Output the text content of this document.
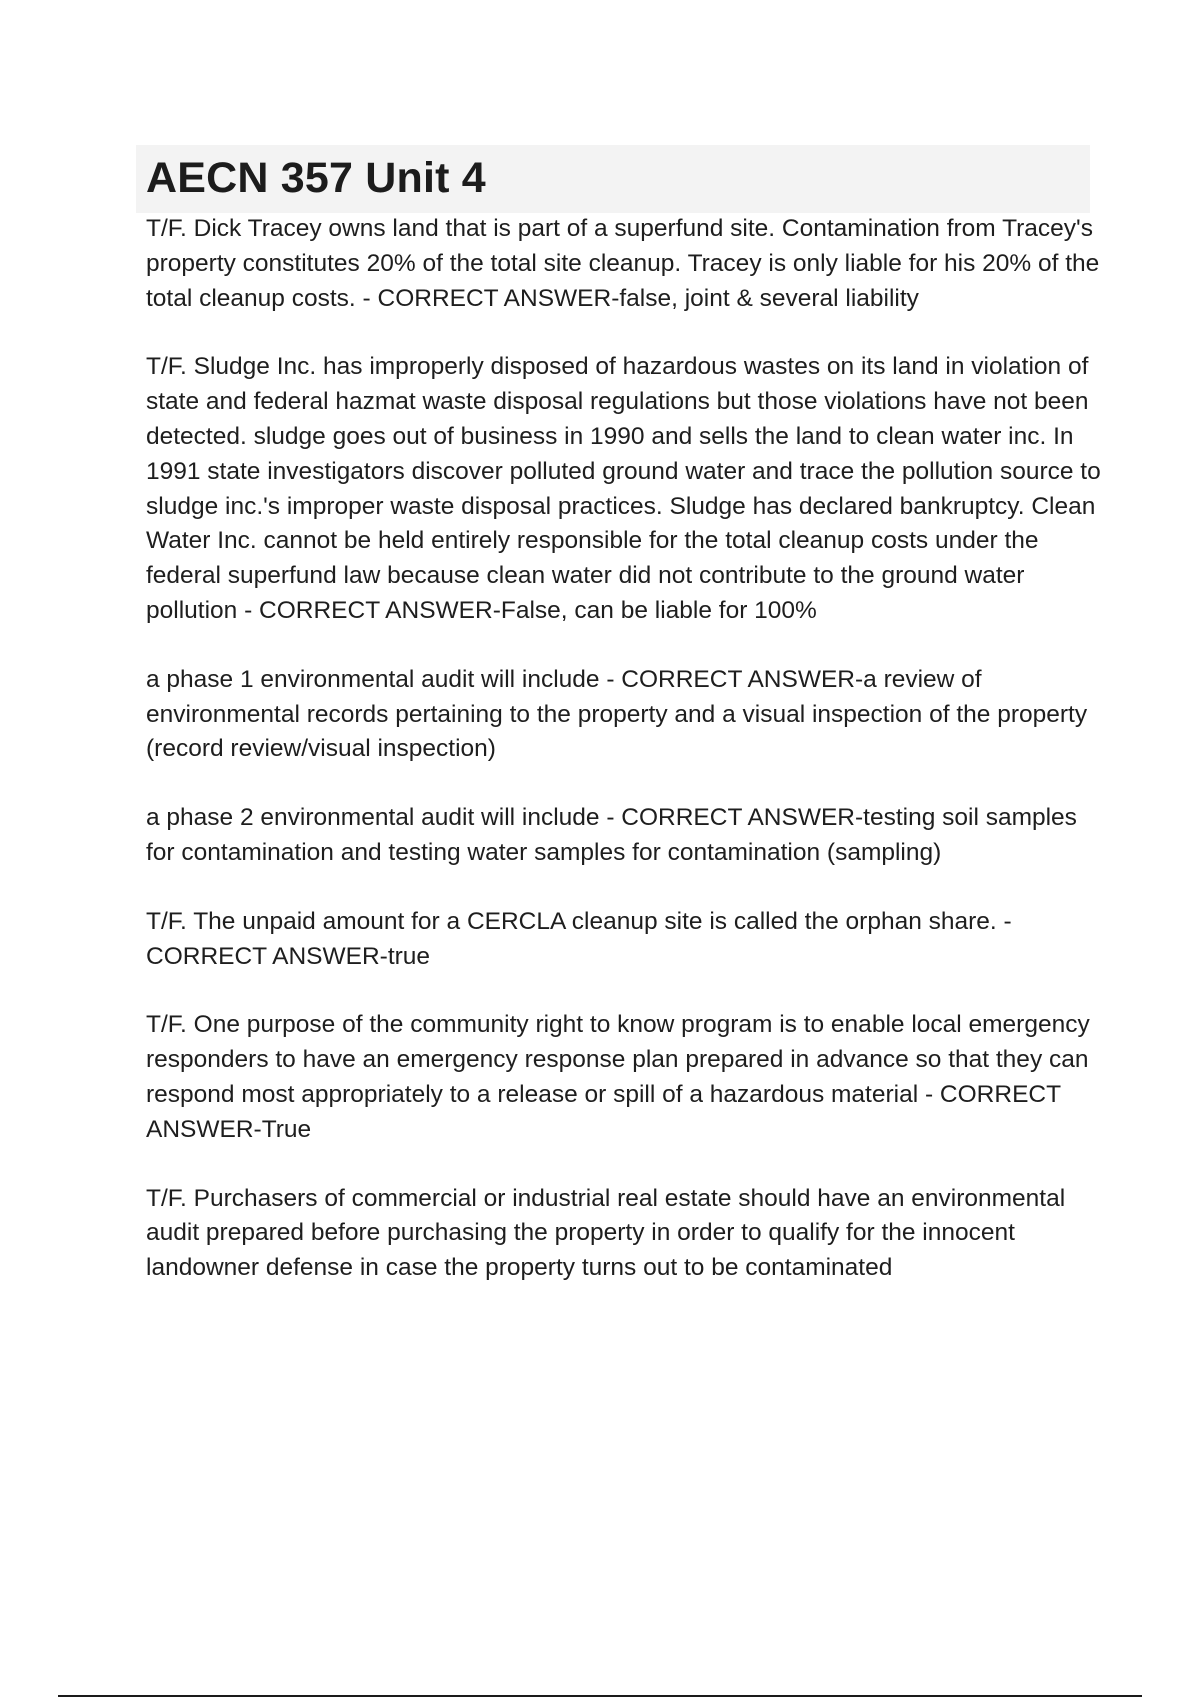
AECN 357 Unit 4

T/F. Dick Tracey owns land that is part of a superfund site. Contamination from Tracey's property constitutes 20% of the total site cleanup. Tracey is only liable for his 20% of the total cleanup costs. - CORRECT ANSWER-false, joint & several liability

T/F. Sludge Inc. has improperly disposed of hazardous wastes on its land in violation of state and federal hazmat waste disposal regulations but those violations have not been detected. sludge goes out of business in 1990 and sells the land to clean water inc. In 1991 state investigators discover polluted ground water and trace the pollution source to sludge inc.'s improper waste disposal practices. Sludge has declared bankruptcy. Clean Water Inc. cannot be held entirely responsible for the total cleanup costs under the federal superfund law because clean water did not contribute to the ground water pollution - CORRECT ANSWER-False, can be liable for 100%

a phase 1 environmental audit will include - CORRECT ANSWER-a review of environmental records pertaining to the property and a visual inspection of the property (record review/visual inspection)

a phase 2 environmental audit will include - CORRECT ANSWER-testing soil samples for contamination and testing water samples for contamination (sampling)

T/F. The unpaid amount for a CERCLA cleanup site is called the orphan share. - CORRECT ANSWER-true

T/F. One purpose of the community right to know program is to enable local emergency responders to have an emergency response plan prepared in advance so that they can respond most appropriately to a release or spill of a hazardous material - CORRECT ANSWER-True

T/F. Purchasers of commercial or industrial real estate should have an environmental audit prepared before purchasing the property in order to qualify for the innocent landowner defense in case the property turns out to be contaminated
